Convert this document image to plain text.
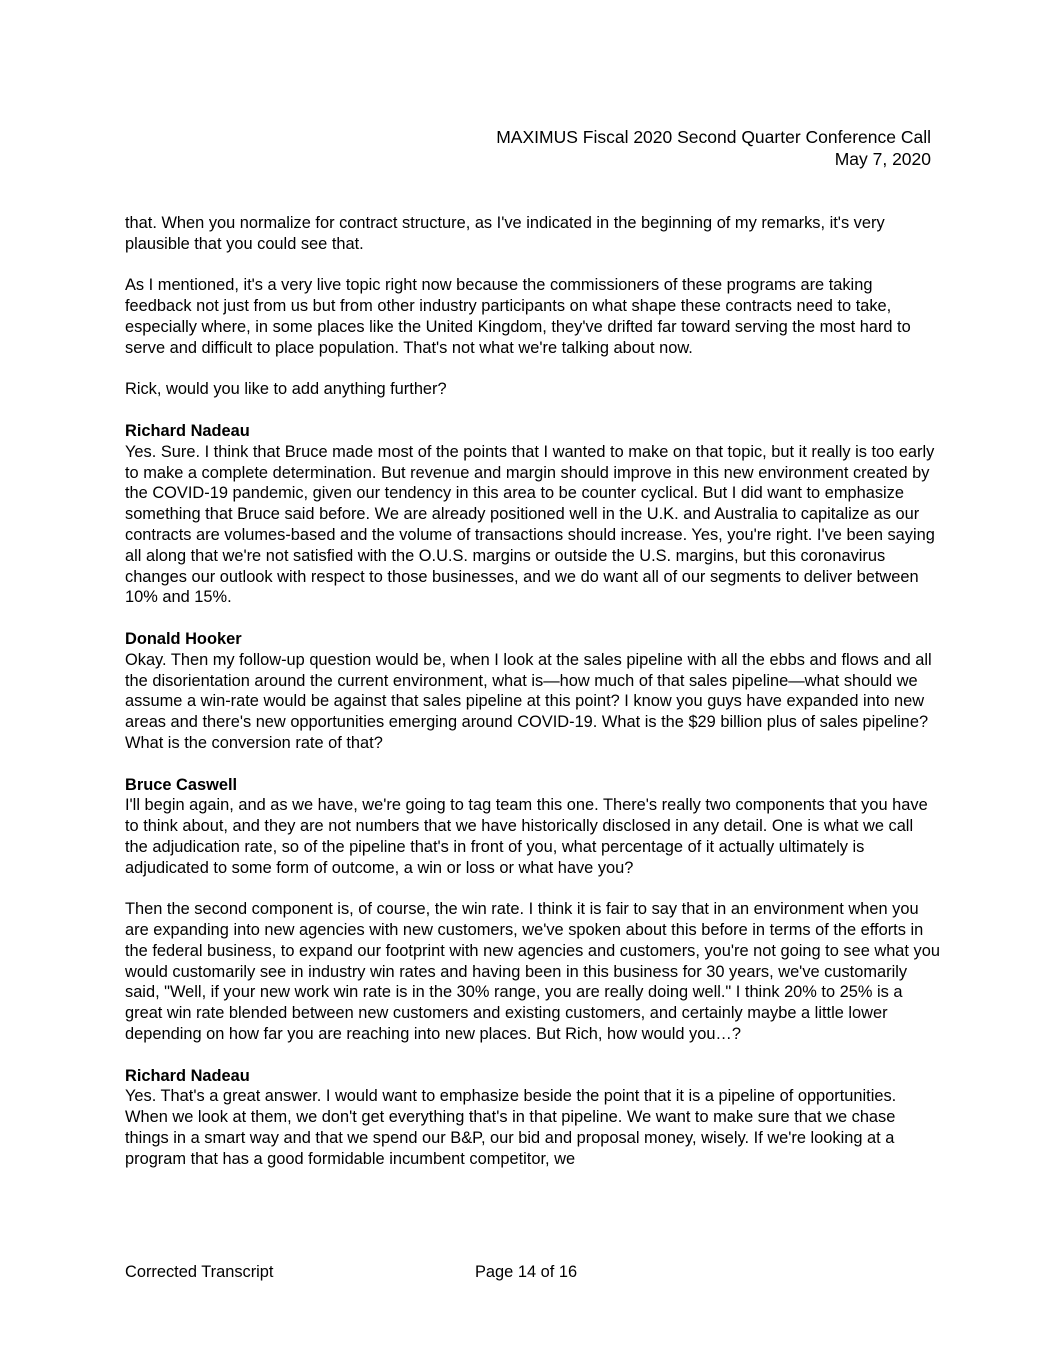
MAXIMUS Fiscal 2020 Second Quarter Conference Call
May 7, 2020

that. When you normalize for contract structure, as I've indicated in the beginning of my remarks, it's very plausible that you could see that.

As I mentioned, it's a very live topic right now because the commissioners of these programs are taking feedback not just from us but from other industry participants on what shape these contracts need to take, especially where, in some places like the United Kingdom, they've drifted far toward serving the most hard to serve and difficult to place population. That's not what we're talking about now.

Rick, would you like to add anything further?

Richard Nadeau
Yes. Sure. I think that Bruce made most of the points that I wanted to make on that topic, but it really is too early to make a complete determination. But revenue and margin should improve in this new environment created by the COVID-19 pandemic, given our tendency in this area to be counter cyclical. But I did want to emphasize something that Bruce said before. We are already positioned well in the U.K. and Australia to capitalize as our contracts are volumes-based and the volume of transactions should increase. Yes, you're right. I've been saying all along that we're not satisfied with the O.U.S. margins or outside the U.S. margins, but this coronavirus changes our outlook with respect to those businesses, and we do want all of our segments to deliver between 10% and 15%.

Donald Hooker
Okay. Then my follow-up question would be, when I look at the sales pipeline with all the ebbs and flows and all the disorientation around the current environment, what is—how much of that sales pipeline—what should we assume a win-rate would be against that sales pipeline at this point? I know you guys have expanded into new areas and there's new opportunities emerging around COVID-19. What is the $29 billion plus of sales pipeline? What is the conversion rate of that?

Bruce Caswell
I'll begin again, and as we have, we're going to tag team this one. There's really two components that you have to think about, and they are not numbers that we have historically disclosed in any detail. One is what we call the adjudication rate, so of the pipeline that's in front of you, what percentage of it actually ultimately is adjudicated to some form of outcome, a win or loss or what have you?

Then the second component is, of course, the win rate. I think it is fair to say that in an environment when you are expanding into new agencies with new customers, we've spoken about this before in terms of the efforts in the federal business, to expand our footprint with new agencies and customers, you're not going to see what you would customarily see in industry win rates and having been in this business for 30 years, we've customarily said, "Well, if your new work win rate is in the 30% range, you are really doing well." I think 20% to 25% is a great win rate blended between new customers and existing customers, and certainly maybe a little lower depending on how far you are reaching into new places. But Rich, how would you…?

Richard Nadeau
Yes. That's a great answer. I would want to emphasize beside the point that it is a pipeline of opportunities. When we look at them, we don't get everything that's in that pipeline. We want to make sure that we chase things in a smart way and that we spend our B&P, our bid and proposal money, wisely. If we're looking at a program that has a good formidable incumbent competitor, we

Corrected Transcript	Page 14 of 16
